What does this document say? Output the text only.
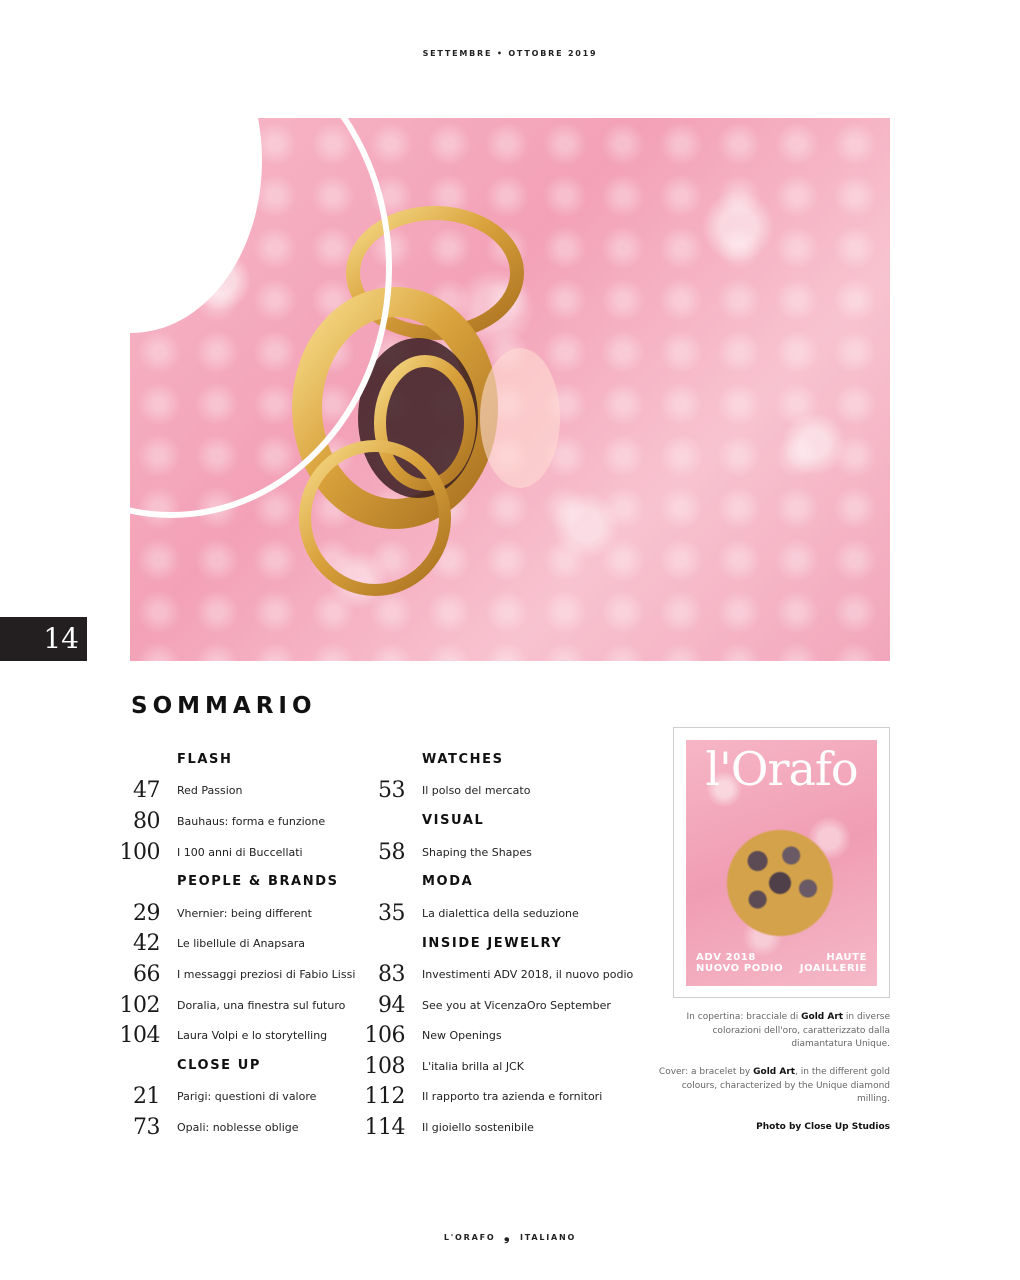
SETTEMBRE • OTTOBRE 2019
14
SOMMARIO
FLASH
47 Red Passion
80 Bauhaus: forma e funzione
100 I 100 anni di Buccellati
PEOPLE & BRANDS
29 Vhernier: being different
42 Le libellule di Anapsara
66 I messaggi preziosi di Fabio Lissi
102 Doralia, una finestra sul futuro
104 Laura Volpi e lo storytelling
CLOSE UP
21 Parigi: questioni di valore
73 Opali: noblesse oblige
WATCHES
53 Il polso del mercato
VISUAL
58 Shaping the Shapes
MODA
35 La dialettica della seduzione
INSIDE JEWELRY
83 Investimenti ADV 2018, il nuovo podio
94 See you at VicenzaOro September
106 New Openings
108 L'italia brilla al JCK
112 Il rapporto tra azienda e fornitori
114 Il gioiello sostenibile
l'Orafo
ADV 2018
NUOVO PODIO
HAUTE
JOAILLERIE
In copertina: bracciale di Gold Art in diverse colorazioni dell'oro, caratterizzato dalla diamantatura Unique.
Cover: a bracelet by Gold Art, in the different gold colours, characterized by the Unique diamond milling.
Photo by Close Up Studios
L'ORAFO ❟ ITALIANO
